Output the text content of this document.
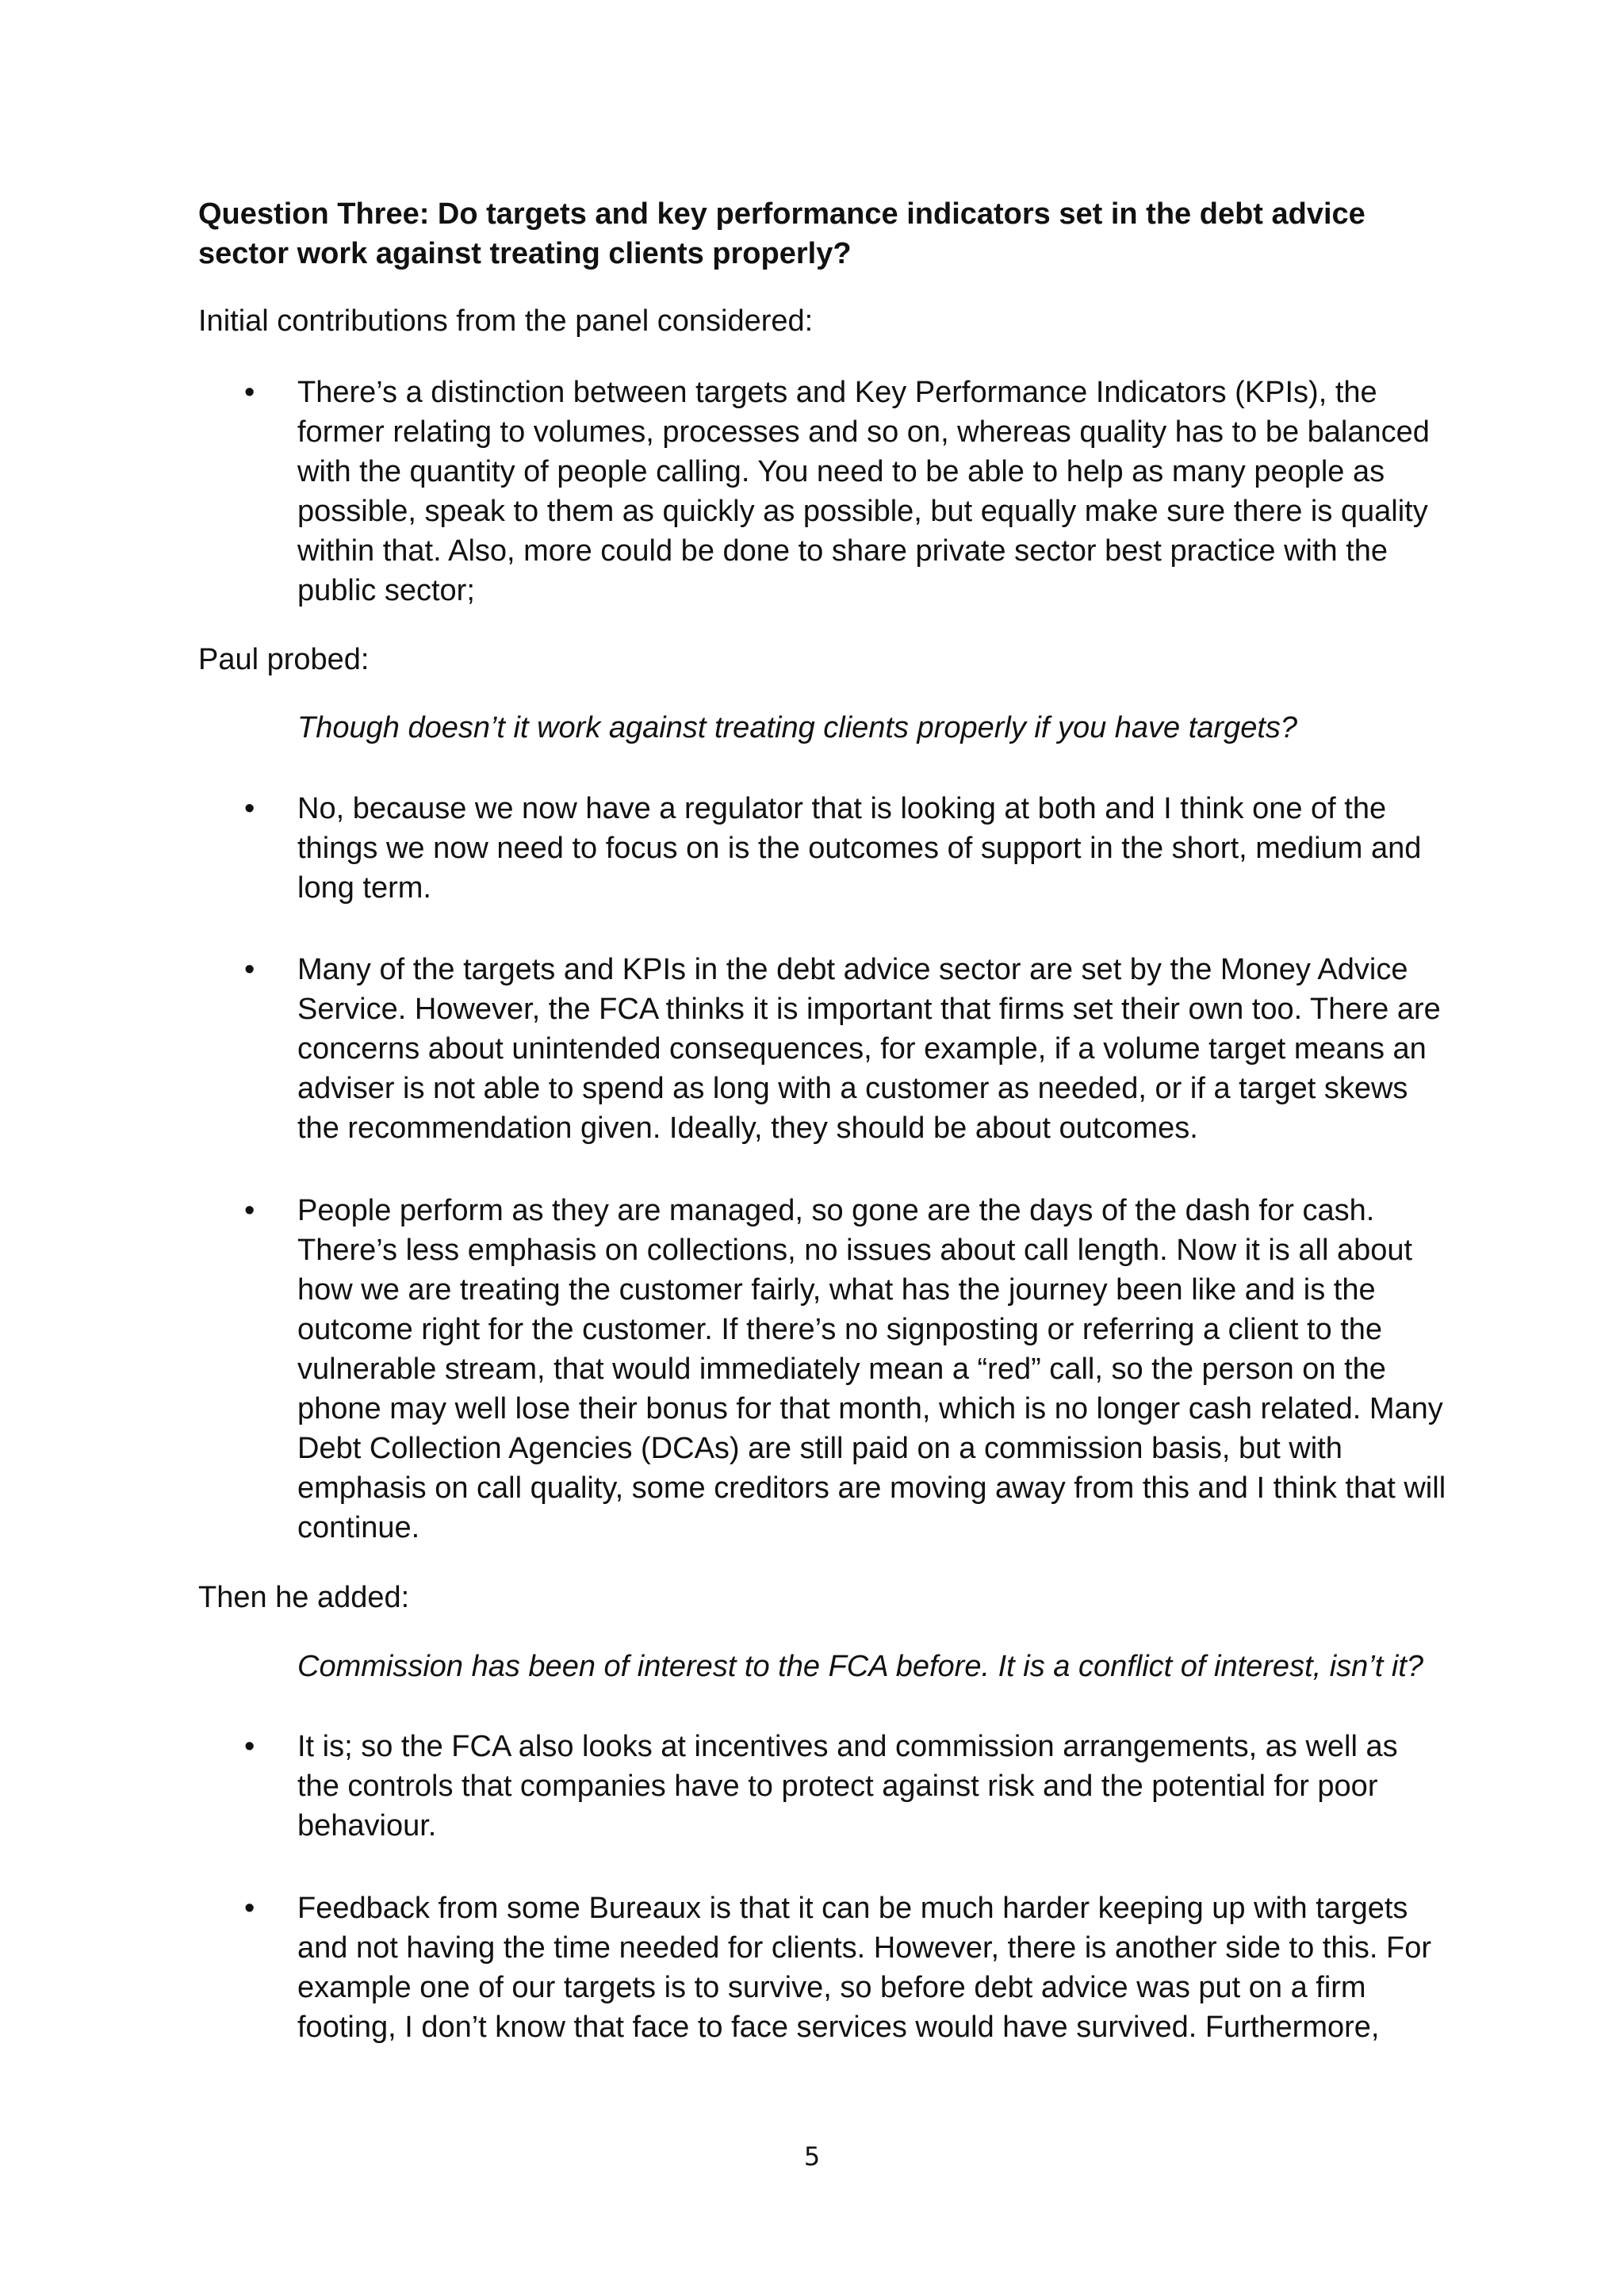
Question Three: Do targets and key performance indicators set in the debt advice sector work against treating clients properly?

Initial contributions from the panel considered:

• There’s a distinction between targets and Key Performance Indicators (KPIs), the former relating to volumes, processes and so on, whereas quality has to be balanced with the quantity of people calling. You need to be able to help as many people as possible, speak to them as quickly as possible, but equally make sure there is quality within that. Also, more could be done to share private sector best practice with the public sector;

Paul probed:

Though doesn’t it work against treating clients properly if you have targets?

• No, because we now have a regulator that is looking at both and I think one of the things we now need to focus on is the outcomes of support in the short, medium and long term.

• Many of the targets and KPIs in the debt advice sector are set by the Money Advice Service. However, the FCA thinks it is important that firms set their own too. There are concerns about unintended consequences, for example, if a volume target means an adviser is not able to spend as long with a customer as needed, or if a target skews the recommendation given. Ideally, they should be about outcomes.

• People perform as they are managed, so gone are the days of the dash for cash. There’s less emphasis on collections, no issues about call length. Now it is all about how we are treating the customer fairly, what has the journey been like and is the outcome right for the customer. If there’s no signposting or referring a client to the vulnerable stream, that would immediately mean a “red” call, so the person on the phone may well lose their bonus for that month, which is no longer cash related. Many Debt Collection Agencies (DCAs) are still paid on a commission basis, but with emphasis on call quality, some creditors are moving away from this and I think that will continue.

Then he added:

Commission has been of interest to the FCA before. It is a conflict of interest, isn’t it?

• It is; so the FCA also looks at incentives and commission arrangements, as well as the controls that companies have to protect against risk and the potential for poor behaviour.

• Feedback from some Bureaux is that it can be much harder keeping up with targets and not having the time needed for clients. However, there is another side to this. For example one of our targets is to survive, so before debt advice was put on a firm footing, I don’t know that face to face services would have survived. Furthermore,

5
